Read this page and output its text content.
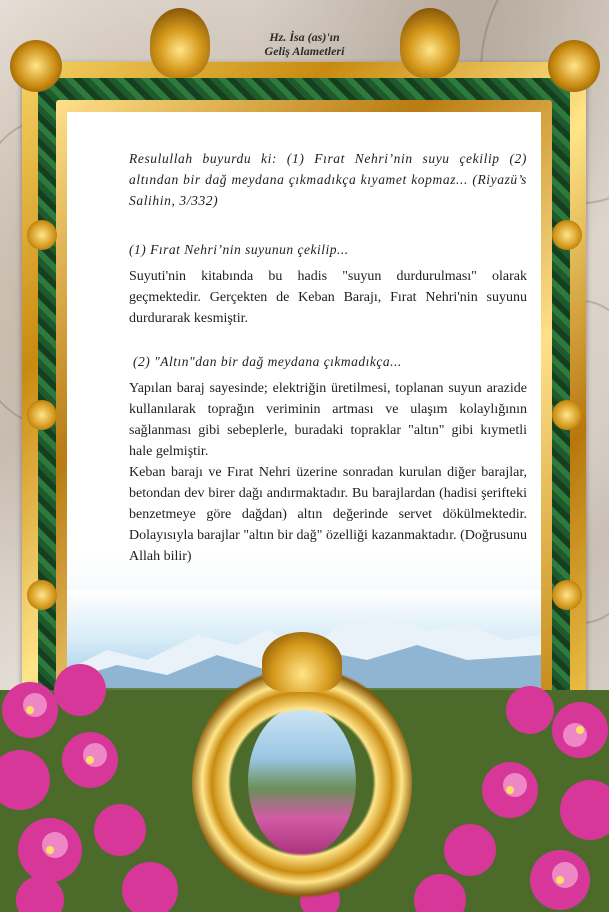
Hz. İsa (as)'ın
Geliş Alametleri

Resulullah buyurdu ki: (1) Fırat Nehri’nin suyu çekilip (2) altından bir dağ meydana çıkmadıkça kıyamet kopmaz... (Riyazü’s Salihin, 3/332)

(1) Fırat Nehri’nin suyunun çekilip...

Suyuti'nin kitabında bu hadis "suyun durdurulması" olarak geçmektedir. Gerçekten de Keban Barajı, Fırat Nehri'nin suyunu durdurarak kesmiştir.

(2) "Altın"dan bir dağ meydana çıkmadıkça...

Yapılan baraj sayesinde; elektriğin üretilmesi, toplanan suyun arazide kullanılarak toprağın veriminin artması ve ulaşım kolaylığının sağlanması gibi sebeplerle, buradaki topraklar "altın" gibi kıymetli hale gelmiştir.

Keban barajı ve Fırat Nehri üzerine sonradan kurulan diğer barajlar, betondan dev birer dağı andırmaktadır. Bu barajlardan (hadisi şerifteki benzetmeye göre dağdan) altın değerinde servet dökülmektedir. Dolayısıyla barajlar "altın bir dağ" özelliği kazanmaktadır. (Doğrusunu Allah bilir)
